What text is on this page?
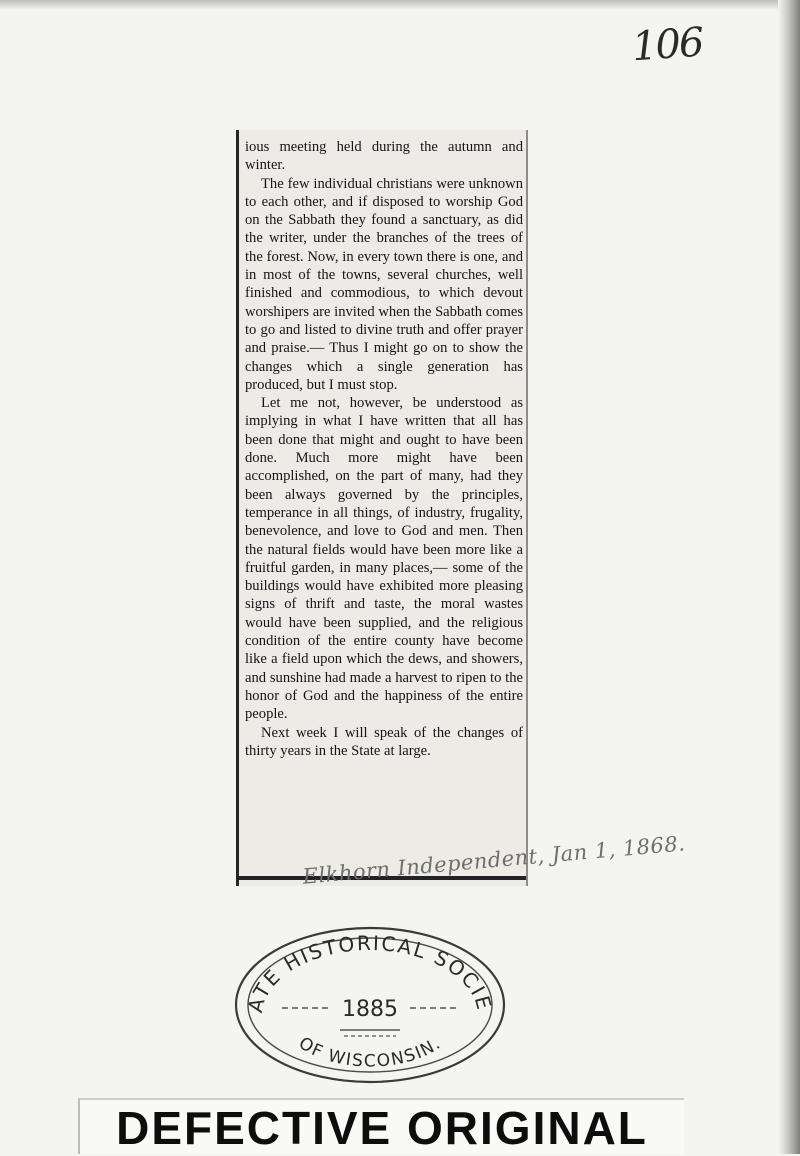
106

ious meeting held during the autumn and winter.

The few individual christians were unknown to each other, and if disposed to worship God on the Sabbath they found a sanctuary, as did the writer, under the branches of the trees of the forest. Now, in every town there is one, and in most of the towns, several churches, well finished and commodious, to which devout worshipers are invited when the Sabbath comes to go and listed to divine truth and offer prayer and praise.— Thus I might go on to show the changes which a single generation has produced, but I must stop.

Let me not, however, be understood as implying in what I have written that all has been done that might and ought to have been done. Much more might have been accomplished, on the part of many, had they been always governed by the principles, temperance in all things, of industry, frugality, benevolence, and love to God and men. Then the natural fields would have been more like a fruitful garden, in many places,— some of the buildings would have exhibited more pleasing signs of thrift and taste, the moral wastes would have been supplied, and the religious condition of the entire county have become like a field upon which the dews, and showers, and sunshine had made a harvest to ripen to the honor of God and the happiness of the entire people.

Next week I will speak of the changes of thirty years in the State at large.

Elkhorn Independent, Jan 1, 1868.
ATE HISTORICAL SOCIE
1885
OF WISCONSIN.
DEFECTIVE ORIGINAL
